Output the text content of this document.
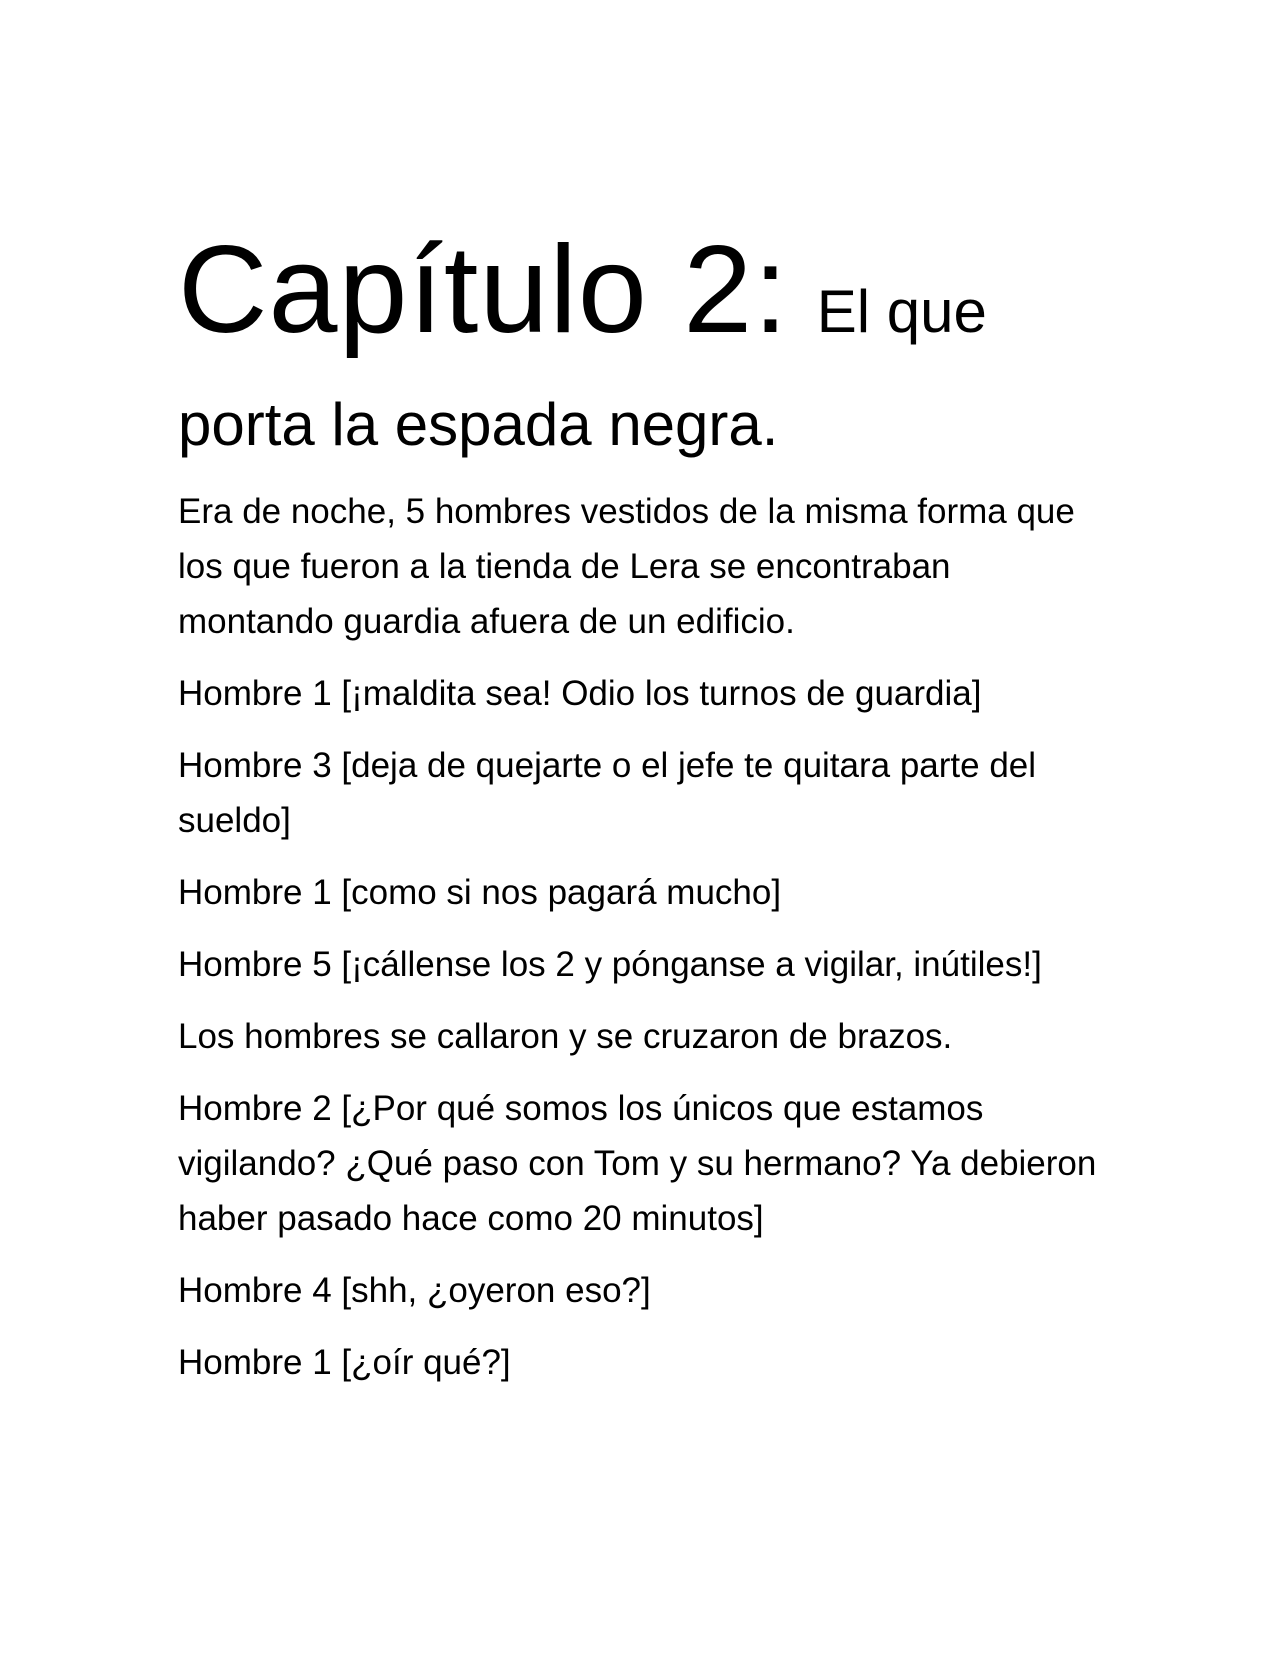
Capítulo 2: El que
porta la espada negra.

Era de noche, 5 hombres vestidos de la misma forma que los que fueron a la tienda de Lera se encontraban montando guardia afuera de un edificio.

Hombre 1 [¡maldita sea! Odio los turnos de guardia]

Hombre 3 [deja de quejarte o el jefe te quitara parte del sueldo]

Hombre 1 [como si nos pagará mucho]

Hombre 5 [¡cállense los 2 y pónganse a vigilar, inútiles!]

Los hombres se callaron y se cruzaron de brazos.

Hombre 2 [¿Por qué somos los únicos que estamos vigilando? ¿Qué paso con Tom y su hermano? Ya debieron haber pasado hace como 20 minutos]

Hombre 4 [shh, ¿oyeron eso?]

Hombre 1 [¿oír qué?]
